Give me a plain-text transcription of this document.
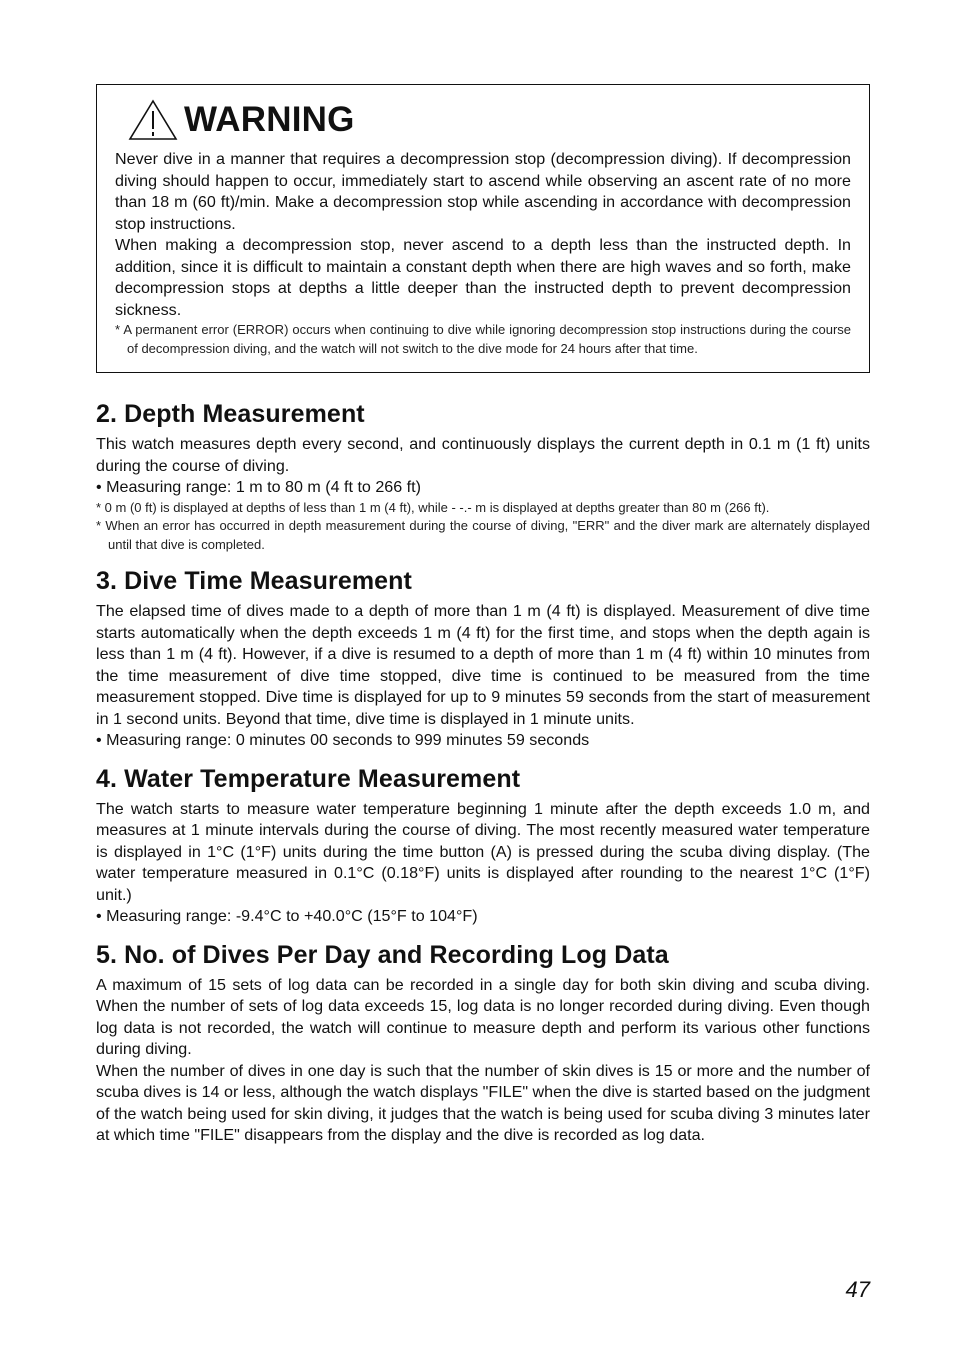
WARNING

Never dive in a manner that requires a decompression stop (decompression diving). If decompression diving should happen to occur, immediately start to ascend while observing an ascent rate of no more than 18 m (60 ft)/min. Make a decompression stop while ascending in accordance with decompression stop instructions.

When making a decompression stop, never ascend to a depth less than the instructed depth. In addition, since it is difficult to maintain a constant depth when there are high waves and so forth, make decompression stops at depths a little deeper than the instructed depth to prevent decompression sickness.

* A permanent error (ERROR) occurs when continuing to dive while ignoring decompression stop instructions during the course of decompression diving, and the watch will not switch to the dive mode for 24 hours after that time.
2. Depth Measurement

This watch measures depth every second, and continuously displays the current depth in 0.1 m (1 ft) units during the course of diving.

• Measuring range: 1 m to 80 m (4 ft to 266 ft)
* 0 m (0 ft) is displayed at depths of less than 1 m (4 ft), while - -.- m is displayed at depths greater than 80 m (266 ft).
* When an error has occurred in depth measurement during the course of diving, "ERR" and the diver mark are alternately displayed until that dive is completed.
3. Dive Time Measurement

The elapsed time of dives made to a depth of more than 1 m (4 ft) is displayed. Measurement of dive time starts automatically when the depth exceeds 1 m (4 ft) for the first time, and stops when the depth again is less than 1 m (4 ft). However, if a dive is resumed to a depth of more than 1 m (4 ft) within 10 minutes from the time measurement of dive time stopped, dive time is continued to be measured from the time measurement stopped. Dive time is displayed for up to 9 minutes 59 seconds from the start of measurement in 1 second units. Beyond that time, dive time is displayed in 1 minute units.

• Measuring range: 0 minutes 00 seconds to 999 minutes 59 seconds
4. Water Temperature Measurement

The watch starts to measure water temperature beginning 1 minute after the depth exceeds 1.0 m, and measures at 1 minute intervals during the course of diving. The most recently measured water temperature is displayed in 1°C (1°F) units during the time button (A) is pressed during the scuba diving display. (The water temperature measured in 0.1°C (0.18°F) units is displayed after rounding to the nearest 1°C (1°F) unit.)

• Measuring range: -9.4°C to +40.0°C (15°F to 104°F)
5. No. of Dives Per Day and Recording Log Data

A maximum of 15 sets of log data can be recorded in a single day for both skin diving and scuba diving. When the number of sets of log data exceeds 15, log data is no longer recorded during diving. Even though log data is not recorded, the watch will continue to measure depth and perform its various other functions during diving.

When the number of dives in one day is such that the number of skin dives is 15 or more and the number of scuba dives is 14 or less, although the watch displays "FILE" when the dive is started based on the judgment of the watch being used for skin diving, it judges that the watch is being used for scuba diving 3 minutes later at which time "FILE" disappears from the display and the dive is recorded as log data.

47
